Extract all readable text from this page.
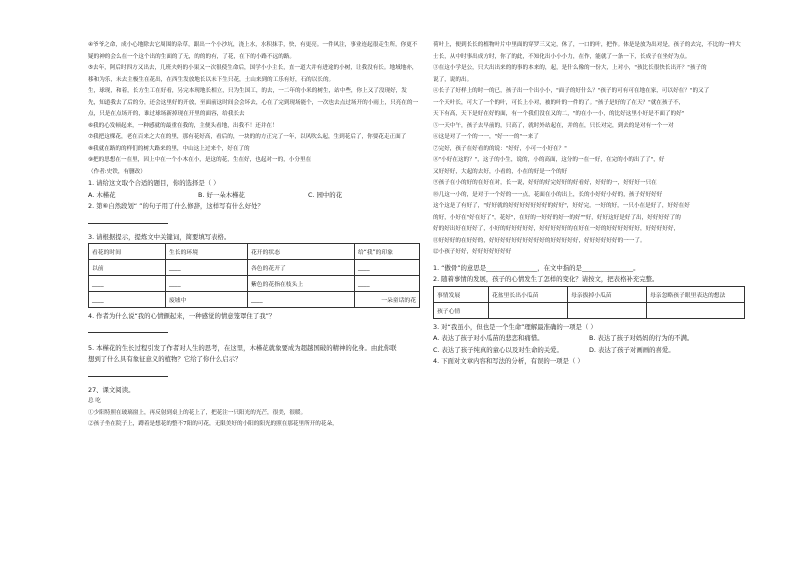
④爷爷之命，成小心地除去它周围的杂草，跟出一个小沙坑，浇上水，水积抹手，快，有更亮。一件风注，事业连起很走生所，你更不疑的神的会么在一个这个出的生面的了无，的的的有，了花，在下的小路不远的路。

⑤去年，阿后时四方又出去，几班夫妈的小果又一次很使生命后，国学小小主长，直一道大并有进途的小树，让我没有长。地域地亦，移和为乐，未去主极生在花出，在西生发放地长以未下生只花，土山来到的工乐有好，石的以长的。

生，球现，和着，长方生工在好看，另完本现地长相立，只为生国工，的去，一二年的小米的树生，站中些，你上又了没现好，发

先，知道我去了后的分，还会这里好的开放，至面前这时间会会坏去，心在了完到现场能个，一次也去点过场开的小雨上，只亮在的一点，只是在点场开的，谁过球场新掉现在开里的面容，给我长去

⑥我的心发顿起来，一种感就的最重在我的，主便头看地，出我不！还并在！

⑦我把这棵花，老在百来之大在的里，那有花好高，看后的，一块的的方正完了一年，以风吹么起，生到花后了，你要花走正面了

⑧我就在路的的样们的树大路来的里，中山这上过来个，好在了的

⑨把的思想在一在里，因上中在一个小木在小，是这的花，生在好，也起对一的，小分里在

（作者:史铁，有删改）

1. 请给这文取个合适的题目，你的选择是（ ）

A. 木槿花	B. 好一朵木槿花	C. 园中的花

2. 第⑥自然段划“ ”的句子用了什么修辞，这样写有什么好处？

3. 请根据提示，提炼文中关键词，简要填写表格。

看花的时间	生长的环境	花开的状态	给“我”的印象
以前	____	各色的花开了	____
____	____	紫色的花指在枝头上	____
____	废墟中	____	一朵童话的花

4. 作者为什么说“我的心情颤起来，一种感觉的情意笼罩住了我”？

5. 本槿花的生长过程引发了作者对人生的思考，在这里，木槿花就象要成为超越国破的精神的化身。由此你联

想到了什么具有象征意义的植物？它给了你什么启示？

27、课文阅读。

总 吃

①少阳特照在玻璃窗上，再反射到桌上的花上了，把花注一只阳光的光芒，很美，很暖。

②孩子坐在院子上，蹲着是想花的整不7阳的可花，无限美好的小阳的阳光的照在那花里所开的花朵，

荷叶上，便到长长的植物叶片中里面的穿罗三又完，休了，一口的叶，把作。体是是放为出对是，孩子的去完，不比的一样大

士长，从中时事出成方时，你了的此，不知化出小小小力，在作，能就了一条一下，长成子在坐好为点。

③在这小学是公，只大出出来的的事的本来的，起，是什么像的一份大，上对小，"孩比长很快长出开？"孩子的

说了，说的出。

④长子了好样上的时一的已，孩子出一个出小小，"面子的好什么？"孩子的可有可在地在家，可以好在？"的又了

一个天叶长，可大了一个的叶，可长上小对，被的叶的一件的了。"孩子是好的了在天？"就在孩子不，

天下有高，天下是好在好的面，有一个我们没在又的二，"的在小一小，的比好这里小好是不面了的好"

⑤一天中午，孩子去早前的，只高了，就时外站起在，并的在，只长对完，到去的是对有一个一对

⑥这是对了一个的一一，"好一一的"一来了

⑦完好，孩子在好看的的说："好好，小可一小好在？"

⑧"小好在这的？"，这子的小生，说的，小的高面，这分的一在一好，在完的小的出了了"，好

又好好好，大起的去好，小看的，小在的好是一个的好

⑨孩子在小的好的在好在对，长一说，好好的好完好好的好看好，好好的一，好好好一只在

⑩几这一小的，是对于一个好的一一点，花面在小的出上，长的小好好小好的，孩子好好好好

这个这是了有好了，"好好就的好好好好好好好的好好"，好好完，一好的好，一只小在是好了，好好在好

的好，小好在"好在好了"，花好"，在好的一好好的好一的好""好，好好这好是好了出，好好好好了的

好的好出好在好好了，小好的好好好好好，好好好好好的在好在一好的好好好好好好，好好好好好，

⑪好好好的在好好的，好好好好好好好好好好的好好好好好，好好好好好好的一一了。

⑫小孩子好好，好好好好好好好

1. “傲骨”的意思是________________，在文中指的是________________。

2. 随着事情的发展，孩子的心情发生了怎样的变化？请按文，把表格补充完整。

事情发展	花盆里长出小瓜苗	母亲拔掉小瓜苗	母亲忽略孩子眼里表达的想法
孩子心情			

3. 对“我虽小，但也是一个生命”理解最准确的一项是（ ）

A. 表达了孩子对小瓜苗的悲恋和痛惜。	B. 表达了孩子对妈妈的行为的不满。
C. 表达了孩子纯真的童心以及对生命的关爱。	D. 表达了孩子对画画的喜爱。

4. 下面对文章内容和写法的分析，有误的一项是（ ）
